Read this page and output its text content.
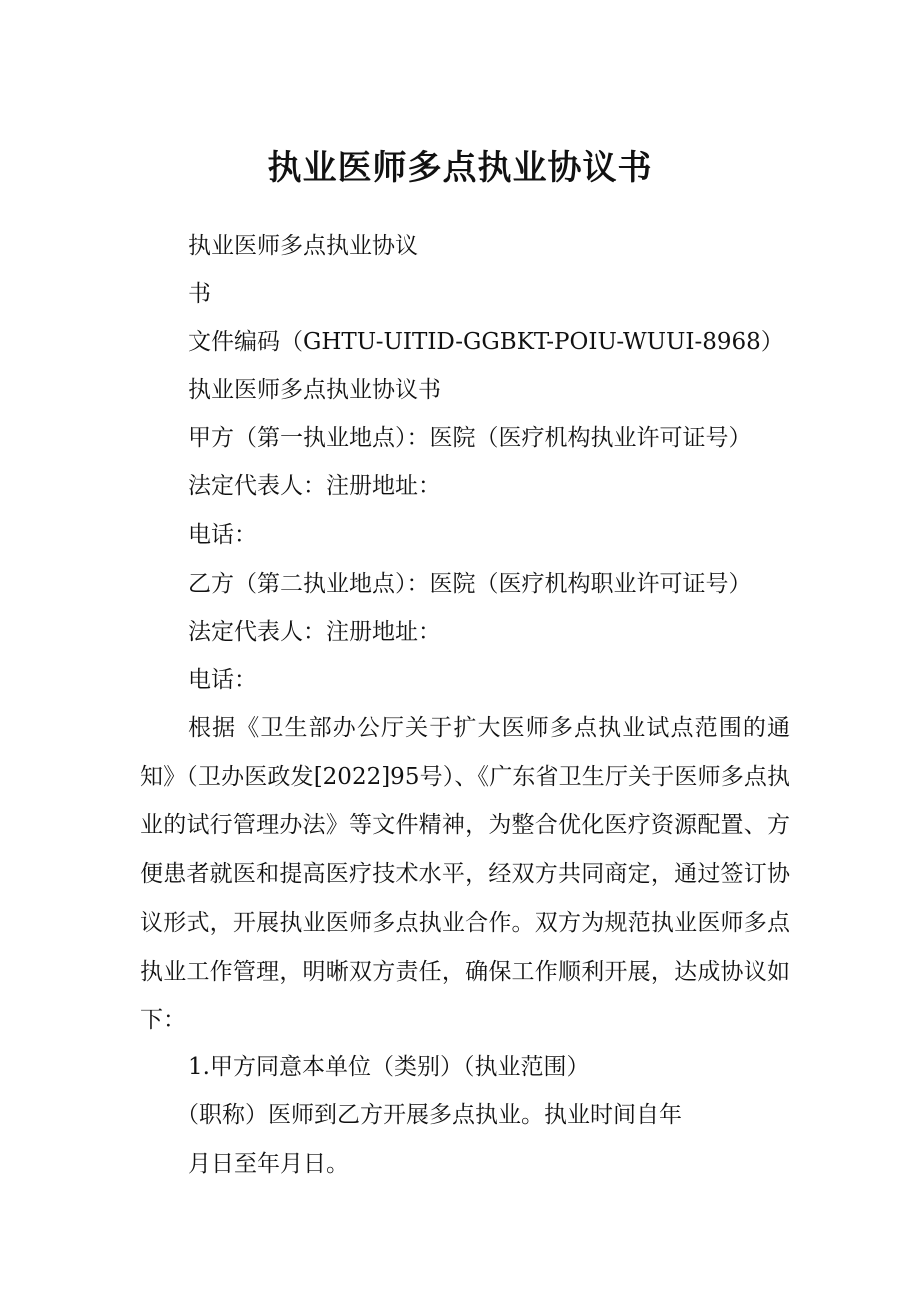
执业医师多点执业协议书
执业医师多点执业协议
书
文件编码（GHTU-UITID-GGBKT-POIU-WUUI-8968）
执业医师多点执业协议书
甲方（第一执业地点）：医院（医疗机构执业许可证号）
法定代表人：注册地址：
电话：
乙方（第二执业地点）：医院（医疗机构职业许可证号）
法定代表人：注册地址：
电话：
根据《卫生部办公厅关于扩大医师多点执业试点范围的通知》（卫办医政发[2022]95号）、《广东省卫生厅关于医师多点执业的试行管理办法》等文件精神，为整合优化医疗资源配置、方便患者就医和提高医疗技术水平，经双方共同商定，通过签订协议形式，开展执业医师多点执业合作。双方为规范执业医师多点执业工作管理，明晰双方责任，确保工作顺利开展，达成协议如下：
1.甲方同意本单位（类别）（执业范围）
（职称）医师到乙方开展多点执业。执业时间自年
月日至年月日。
